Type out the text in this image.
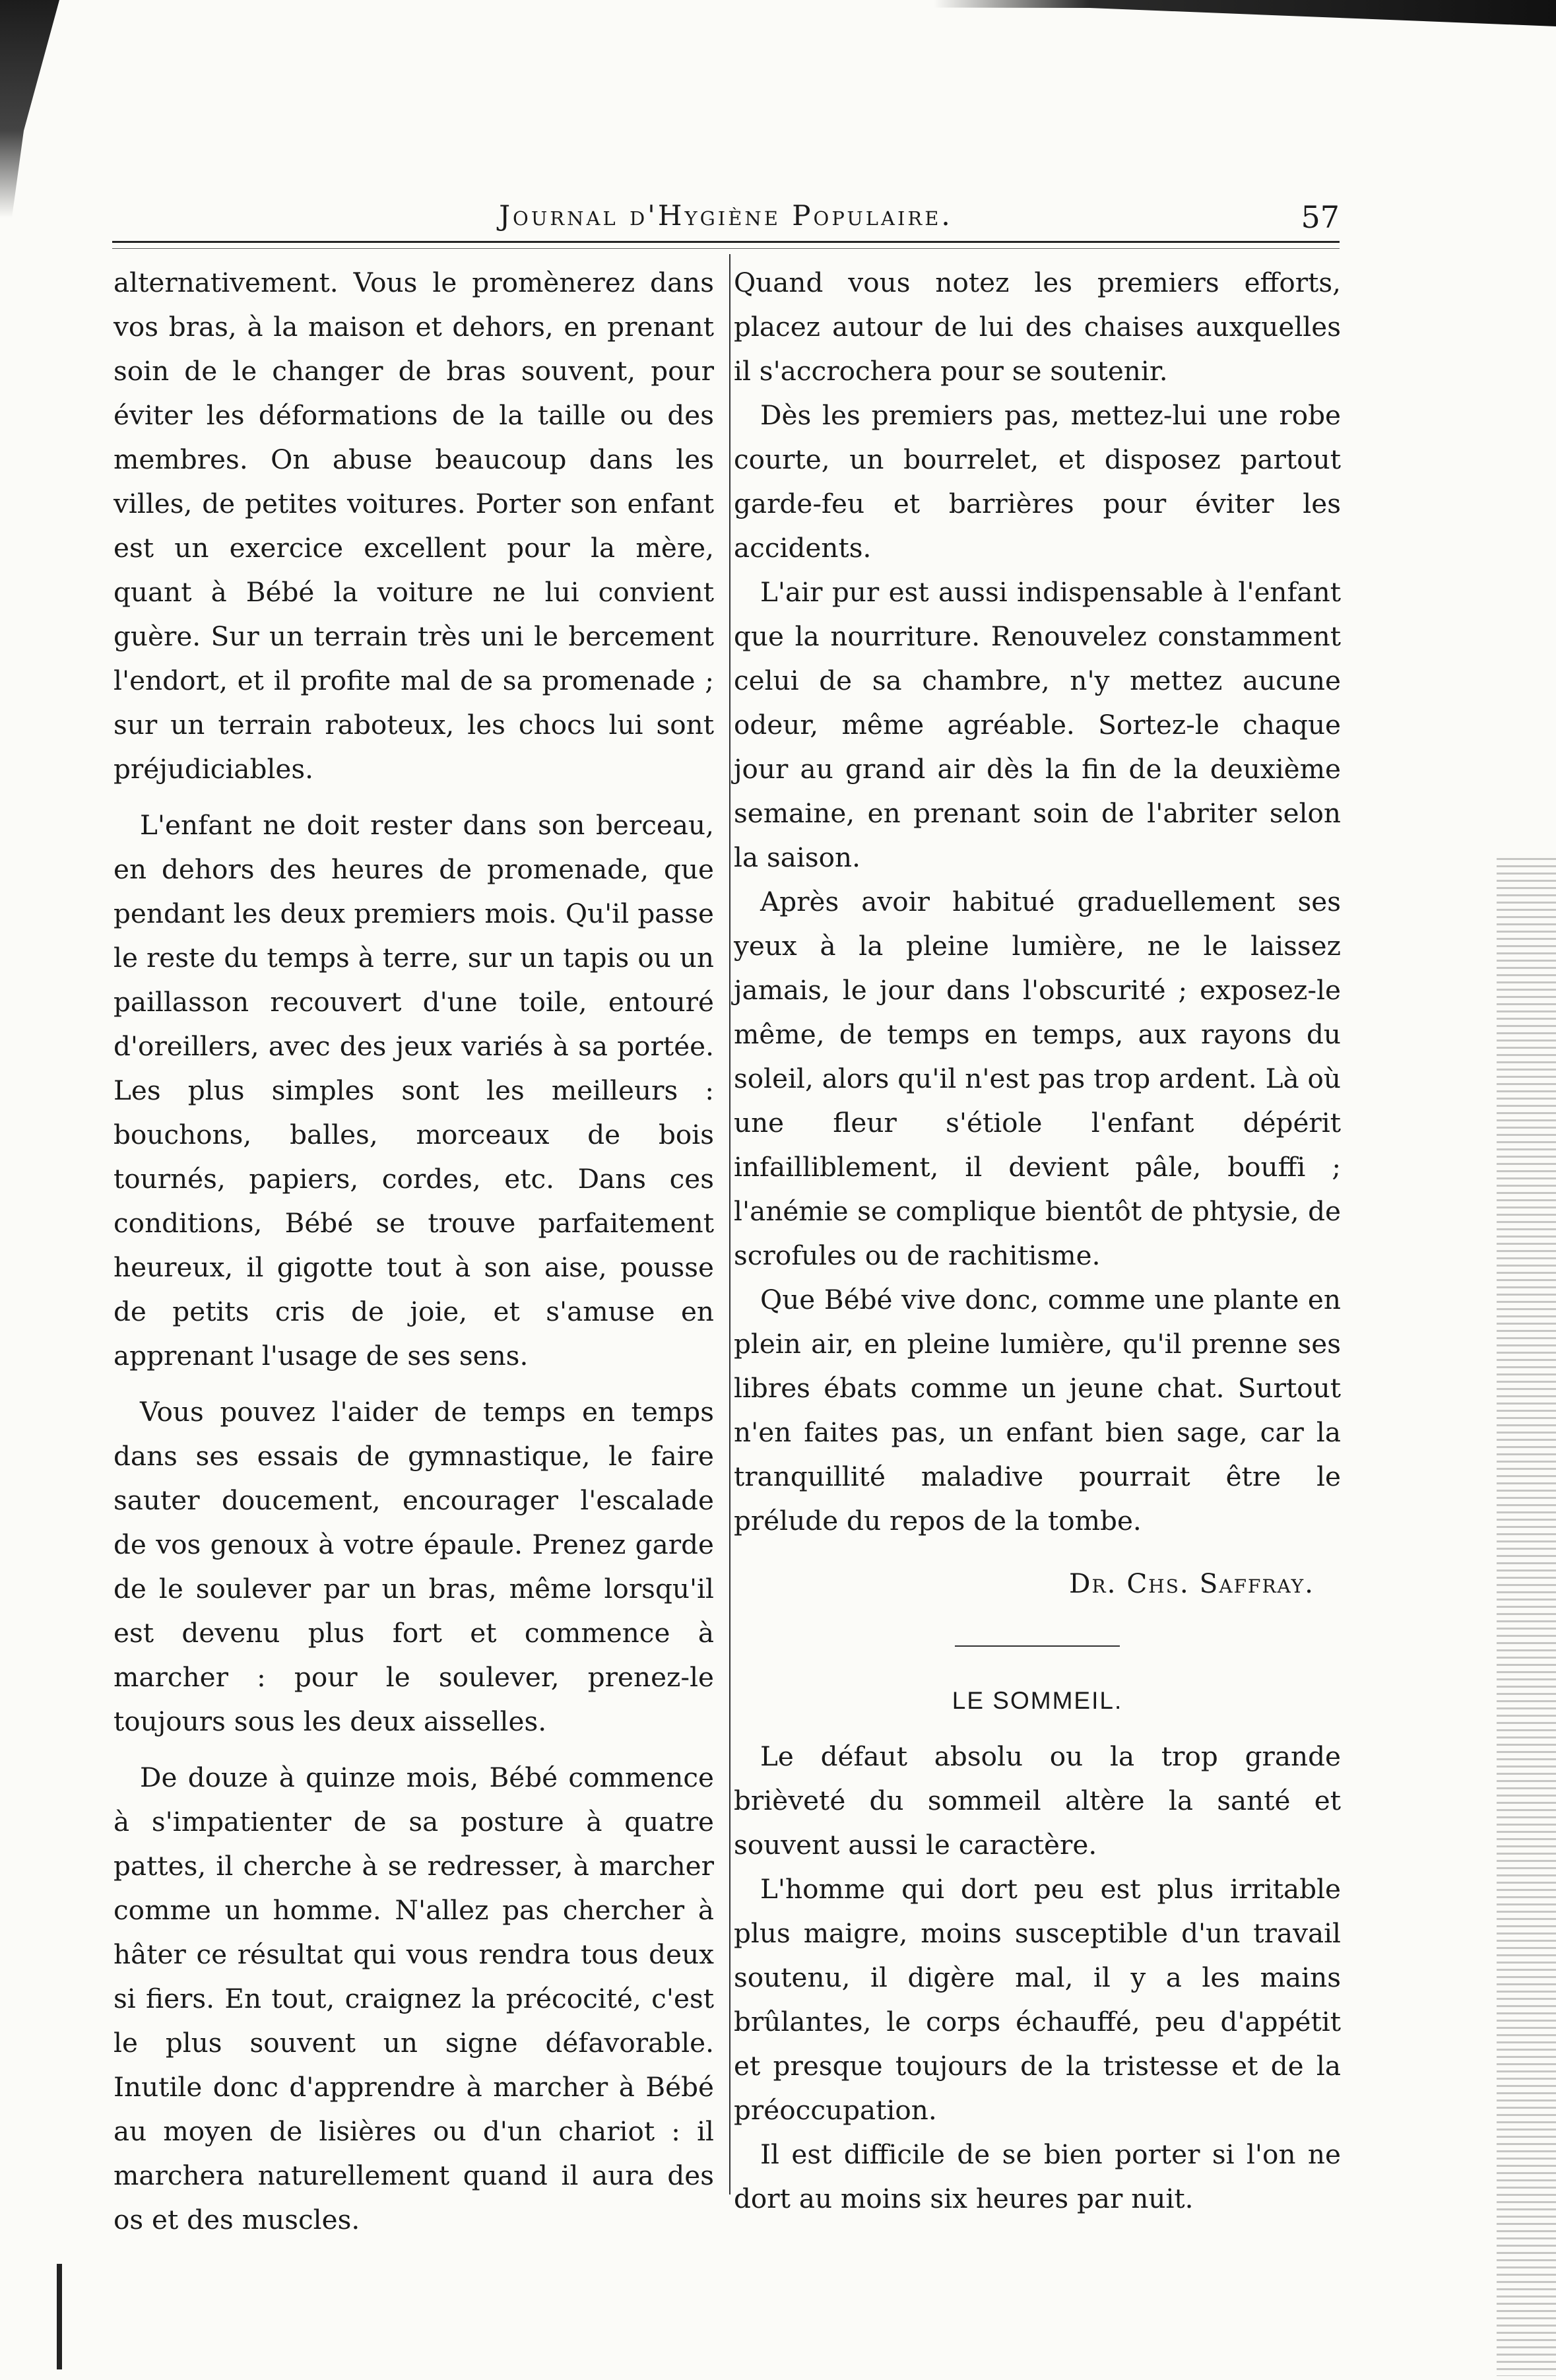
Journal d'Hygiène Populaire.	57

alternativement. Vous le promènerez dans vos bras, à la maison et dehors, en prenant soin de le changer de bras souvent, pour éviter les déformations de la taille ou des membres. On abuse beaucoup dans les villes, de petites voitures. Porter son enfant est un exercice excellent pour la mère, quant à Bébé la voiture ne lui convient guère. Sur un terrain très uni le bercement l'endort, et il profite mal de sa promenade ; sur un terrain raboteux, les chocs lui sont préjudiciables.

L'enfant ne doit rester dans son berceau, en dehors des heures de promenade, que pendant les deux premiers mois. Qu'il passe le reste du temps à terre, sur un tapis ou un paillasson recouvert d'une toile, entouré d'oreillers, avec des jeux variés à sa portée. Les plus simples sont les meilleurs : bouchons, balles, morceaux de bois tournés, papiers, cordes, etc. Dans ces conditions, Bébé se trouve parfaitement heureux, il gigotte tout à son aise, pousse de petits cris de joie, et s'amuse en apprenant l'usage de ses sens.

Vous pouvez l'aider de temps en temps dans ses essais de gymnastique, le faire sauter doucement, encourager l'escalade de vos genoux à votre épaule. Prenez garde de le soulever par un bras, même lorsqu'il est devenu plus fort et commence à marcher : pour le soulever, prenez-le toujours sous les deux aisselles.

De douze à quinze mois, Bébé commence à s'impatienter de sa posture à quatre pattes, il cherche à se redresser, à marcher comme un homme. N'allez pas chercher à hâter ce résultat qui vous rendra tous deux si fiers. En tout, craignez la précocité, c'est le plus souvent un signe défavorable. Inutile donc d'apprendre à marcher à Bébé au moyen de lisières ou d'un chariot : il marchera naturellement quand il aura des os et des muscles.

Quand vous notez les premiers efforts, placez autour de lui des chaises auxquelles il s'accrochera pour se soutenir.

Dès les premiers pas, mettez-lui une robe courte, un bourrelet, et disposez partout garde-feu et barrières pour éviter les accidents.

L'air pur est aussi indispensable à l'enfant que la nourriture. Renouvelez constamment celui de sa chambre, n'y mettez aucune odeur, même agréable. Sortez-le chaque jour au grand air dès la fin de la deuxième semaine, en prenant soin de l'abriter selon la saison.

Après avoir habitué graduellement ses yeux à la pleine lumière, ne le laissez jamais, le jour dans l'obscurité ; exposez-le même, de temps en temps, aux rayons du soleil, alors qu'il n'est pas trop ardent. Là où une fleur s'étiole l'enfant dépérit infailliblement, il devient pâle, bouffi ; l'anémie se complique bientôt de phtysie, de scrofules ou de rachitisme.

Que Bébé vive donc, comme une plante en plein air, en pleine lumière, qu'il prenne ses libres ébats comme un jeune chat. Surtout n'en faites pas, un enfant bien sage, car la tranquillité maladive pourrait être le prélude du repos de la tombe.

Dr. Chs. Saffray.

LE SOMMEIL.

Le défaut absolu ou la trop grande brièveté du sommeil altère la santé et souvent aussi le caractère.

L'homme qui dort peu est plus irritable plus maigre, moins susceptible d'un travail soutenu, il digère mal, il y a les mains brûlantes, le corps échauffé, peu d'appétit et presque toujours de la tristesse et de la préoccupation.

Il est difficile de se bien porter si l'on ne dort au moins six heures par nuit.
